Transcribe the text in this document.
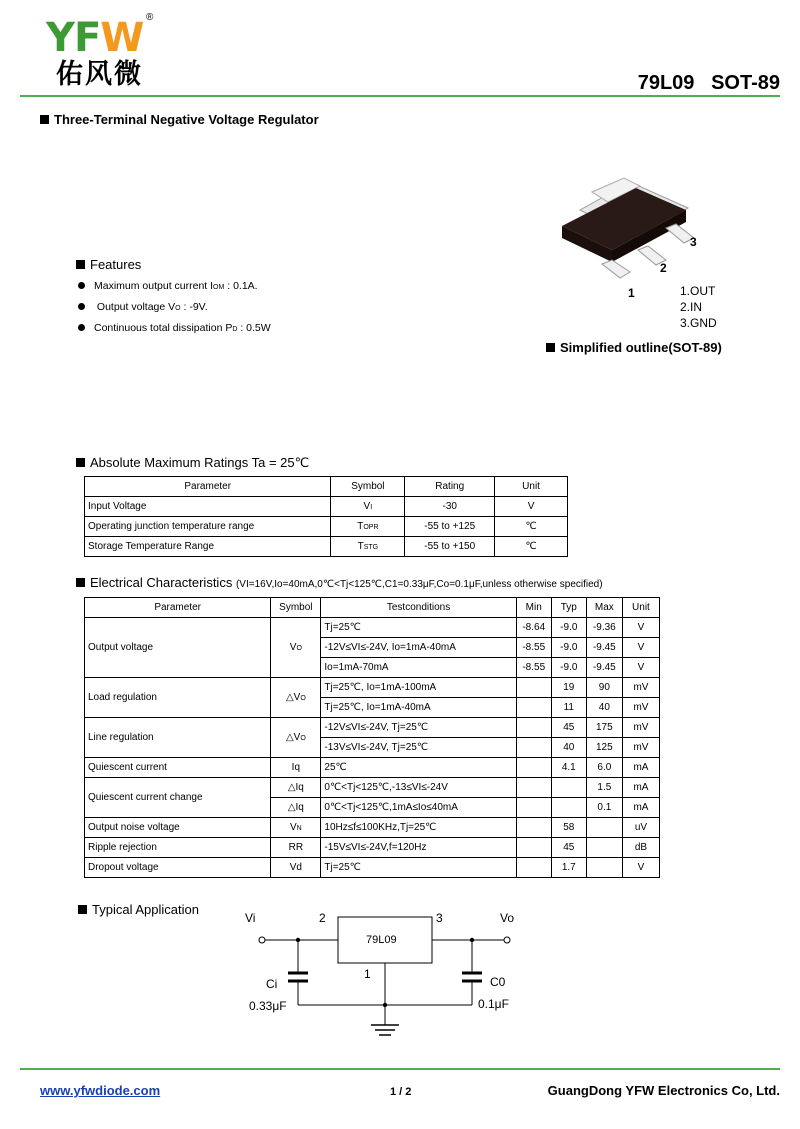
YFW ®
佑风微	79L09   SOT-89
Three-Terminal Negative Voltage Regulator
Features
Maximum output current IOM : 0.1A.
Output voltage VO : -9V.
Continuous total dissipation PD : 0.5W
1
2
3
1.OUT
2.IN
3.GND
Simplified outline(SOT-89)
Absolute Maximum Ratings Ta = 25℃
Parameter	Symbol	Rating	Unit
Input Voltage	VI	-30	V
Operating junction temperature range	TOPR	-55 to +125	℃
Storage Temperature Range	TSTG	-55 to +150	℃
Electrical Characteristics (VI=16V,Io=40mA,0℃<Tj<125℃,C1=0.33μF,Co=0.1μF,unless otherwise specified)
Parameter	Symbol	Testconditions	Min	Typ	Max	Unit
Output voltage	VO	Tj=25℃	-8.64	-9.0	-9.36	V
		-12V≤VI≤-24V, Io=1mA-40mA	-8.55	-9.0	-9.45	V
		Io=1mA-70mA	-8.55	-9.0	-9.45	V
Load regulation	△VO	Tj=25℃, Io=1mA-100mA		19	90	mV
		Tj=25℃, Io=1mA-40mA		11	40	mV
Line regulation	△VO	-12V≤VI≤-24V, Tj=25℃		45	175	mV
		-13V≤VI≤-24V, Tj=25℃		40	125	mV
Quiescent current	Iq	25℃		4.1	6.0	mA
Quiescent current change	△Iq	0℃<Tj<125℃,-13≤VI≤-24V			1.5	mA
	△Iq	0℃<Tj<125℃,1mA≤Io≤40mA			0.1	mA
Output noise voltage	VN	10Hz≤f≤100KHz,Tj=25℃		58		uV
Ripple rejection	RR	-15V≤VI≤-24V,f=120Hz		45		dB
Dropout voltage	Vd	Tj=25℃		1.7		V
Typical Application
Vi	Vo
2	3
1
79L09
Ci
0.33μF
C0
0.1μF
www.yfwdiode.com	1 / 2	GuangDong YFW Electronics Co, Ltd.
